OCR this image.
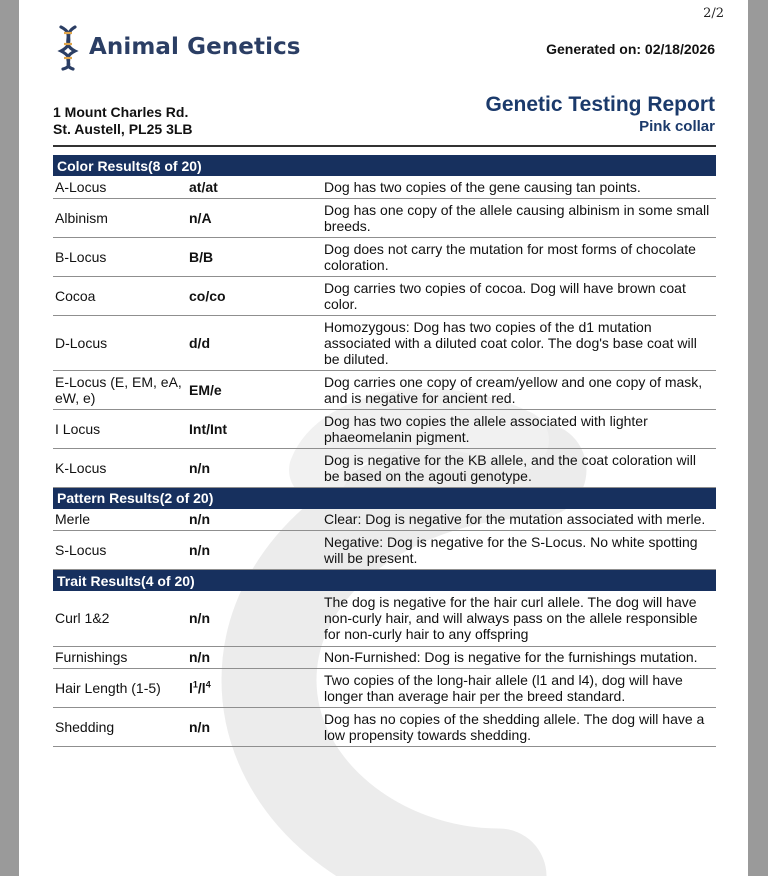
2/2
Animal Genetics	Generated on: 02/18/2026
1 Mount Charles Rd.
St. Austell, PL25 3LB
Genetic Testing Report
Pink collar
Color Results(8 of 20)		
A-Locus	at/at	Dog has two copies of the gene causing tan points.
Albinism	n/A	Dog has one copy of the allele causing albinism in some small breeds.
B-Locus	B/B	Dog does not carry the mutation for most forms of chocolate coloration.
Cocoa	co/co	Dog carries two copies of cocoa. Dog will have brown coat color.
D-Locus	d/d	Homozygous: Dog has two copies of the d1 mutation associated with a diluted coat color. The dog's base coat will be diluted.
E-Locus (E, EM, eA, eW, e)	EM/e	Dog carries one copy of cream/yellow and one copy of mask, and is negative for ancient red.
I Locus	Int/Int	Dog has two copies the allele associated with lighter phaeomelanin pigment.
K-Locus	n/n	Dog is negative for the KB allele, and the coat coloration will be based on the agouti genotype.
Pattern Results(2 of 20)		
Merle	n/n	Clear: Dog is negative for the mutation associated with merle.
S-Locus	n/n	Negative: Dog is negative for the S-Locus. No white spotting will be present.
Trait Results(4 of 20)		
Curl 1&2	n/n	The dog is negative for the hair curl allele. The dog will have non-curly hair, and will always pass on the allele responsible for non-curly hair to any offspring
Furnishings	n/n	Non-Furnished: Dog is negative for the furnishings mutation.
Hair Length (1-5)	$l^1/l^4$	Two copies of the long-hair allele (l1 and l4), dog will have longer than average hair per the breed standard.
Shedding	n/n	Dog has no copies of the shedding allele. The dog will have a low propensity towards shedding.
